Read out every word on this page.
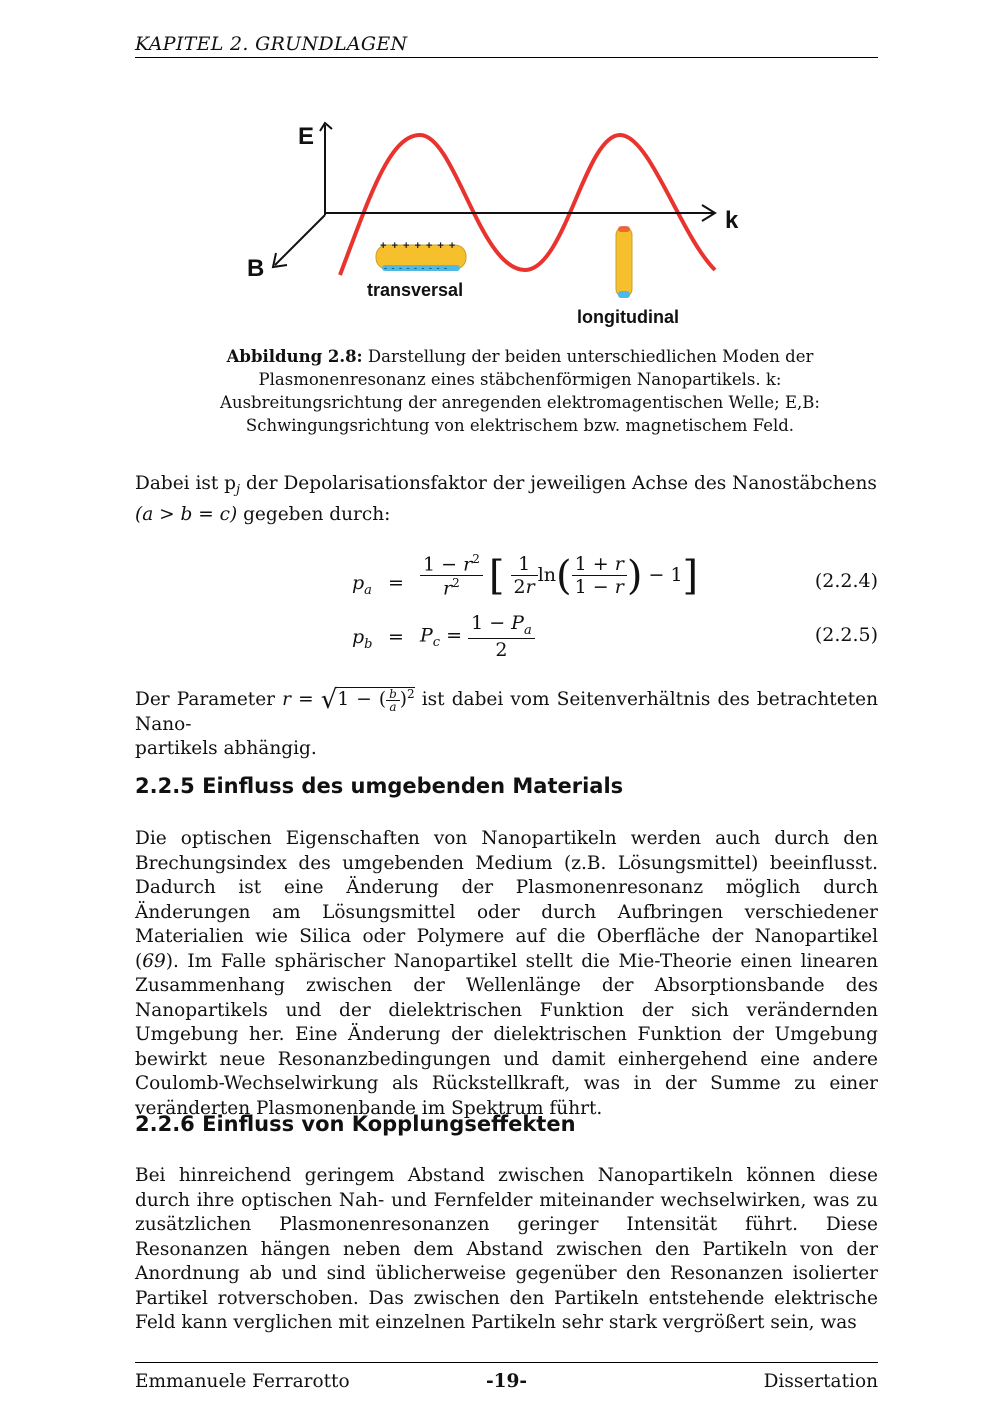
KAPITEL 2. GRUNDLAGEN
E
k
B
+ + + + + + +
- - - - - - - - -
transversal
longitudinal
Abbildung 2.8: Darstellung der beiden unterschiedlichen Moden der Plasmonenresonanz eines stäbchenförmigen Nanopartikels. k: Ausbreitungsrichtung der anregenden elektromagentischen Welle; E,B: Schwingungsrichtung von elektrischem bzw. magnetischem Feld.
Dabei ist $p_j$ der Depolarisationsfaktor der jeweiligen Achse des Nanostäbchens
(a > b = c) gegeben durch:
$p_a = \frac{1 - r^2}{r^2}$ [ $\frac{1}{2r} \ln( \frac{1 + r}{1 - r}$ ) − 1]	(2.2.4)
$p_b = P_c = \frac{1 - P_a}{2}$	(2.2.5)
Der Parameter r = √1 − ( $\frac{b}{a} )^2$ ist dabei vom Seitenverhältnis des betrachteten Nano-
partikels abhängig.
2.2.5 Einfluss des umgebenden Materials
Die optischen Eigenschaften von Nanopartikeln werden auch durch den Brechungsindex des umgebenden Medium (z.B. Lösungsmittel) beeinflusst. Dadurch ist eine Änderung der Plasmonenresonanz möglich durch Änderungen am Lösungsmittel oder durch Aufbringen verschiedener Materialien wie Silica oder Polymere auf die Oberfläche der Nanopartikel (69). Im Falle sphärischer Nanopartikel stellt die Mie-Theorie einen linearen Zusammenhang zwischen der Wellenlänge der Absorptionsbande des Nanopartikels und der dielektrischen Funktion der sich verändernden Umgebung her. Eine Änderung der dielektrischen Funktion der Umgebung bewirkt neue Resonanzbedingungen und damit einhergehend eine andere Coulomb-Wechselwirkung als Rückstellkraft, was in der Summe zu einer veränderten Plasmonenbande im Spektrum führt.
2.2.6 Einfluss von Kopplungseffekten
Bei hinreichend geringem Abstand zwischen Nanopartikeln können diese durch ihre optischen Nah- und Fernfelder miteinander wechselwirken, was zu zusätzlichen Plasmonenresonanzen geringer Intensität führt. Diese Resonanzen hängen neben dem Abstand zwischen den Partikeln von der Anordnung ab und sind üblicherweise gegenüber den Resonanzen isolierter Partikel rotverschoben. Das zwischen den Partikeln entstehende elektrische Feld kann verglichen mit einzelnen Partikeln sehr stark vergrößert sein, was
Emmanuele Ferrarotto	-19-	Dissertation
